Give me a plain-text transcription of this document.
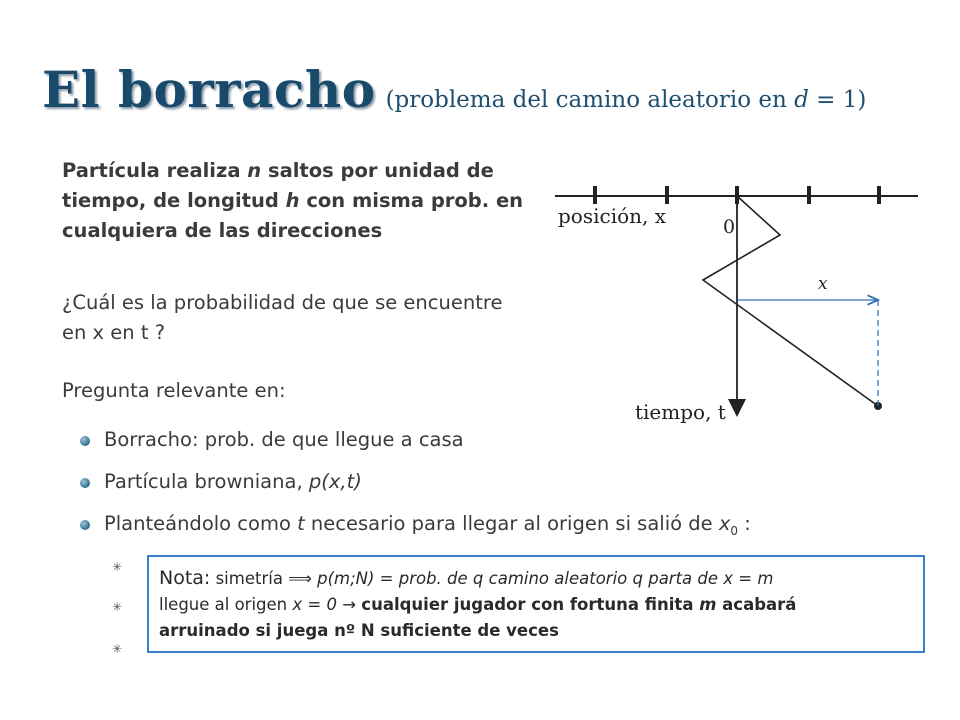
El borracho (problema del camino aleatorio en d = 1)
Partícula realiza n saltos por unidad de tiempo, de longitud h con misma prob. en cualquiera de las direcciones
¿Cuál es la probabilidad de que se encuentre en x en t ?
Pregunta relevante en:
Borracho: prob. de que llegue a casa
Partícula browniana, p(x,t)
Planteándolo como t necesario para llegar al origen si salió de $x_0$ :
✳
✳
✳
posición, x	0
x
tiempo, t
Nota: simetría ⟹ p(m;N) = prob. de q camino aleatorio q parta de x = m
llegue al origen x = 0 → cualquier jugador con fortuna finita m acabará
arruinado si juega nº N suficiente de veces
